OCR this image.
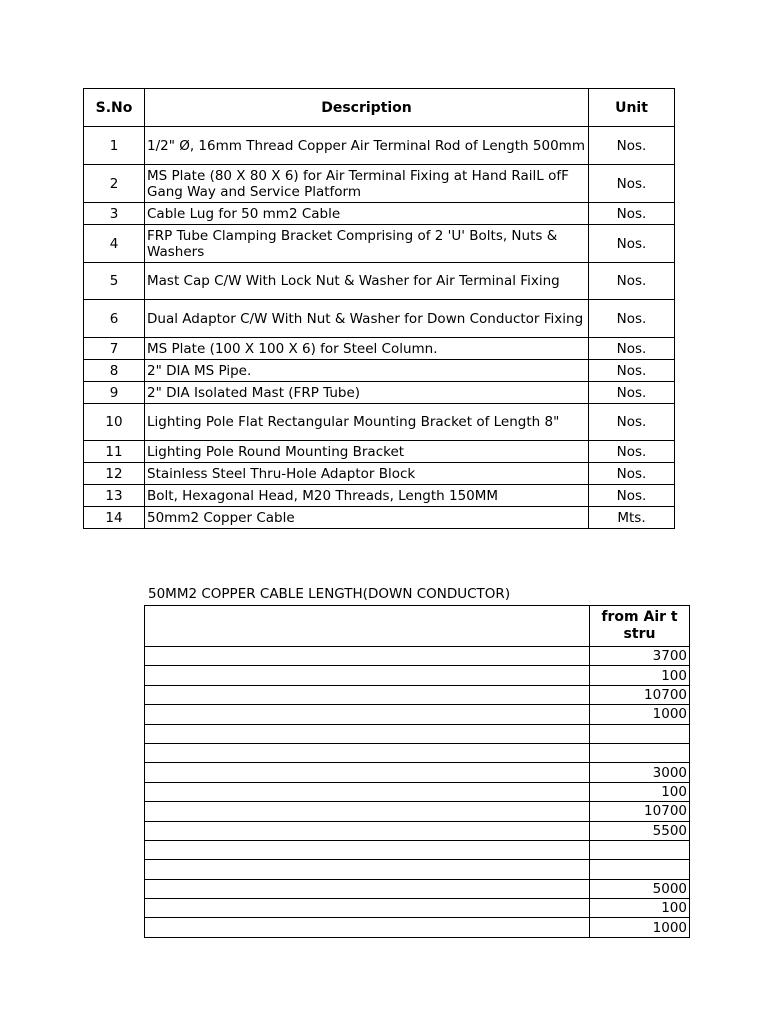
S.No	Description	Unit
1	1/2" Ø, 16mm Thread Copper Air Terminal Rod of Length 500mm	Nos.
2	MS Plate (80 X 80 X 6) for Air Terminal Fixing at Hand RailL ofF Gang Way and Service Platform	Nos.
3	Cable Lug for 50 mm2 Cable	Nos.
4	FRP Tube Clamping Bracket Comprising of 2 'U' Bolts, Nuts & Washers	Nos.
5	Mast Cap C/W With Lock Nut & Washer for Air Terminal Fixing	Nos.
6	Dual Adaptor C/W With Nut & Washer for Down Conductor Fixing	Nos.
7	MS Plate (100 X 100 X 6) for Steel Column.	Nos.
8	2" DIA MS Pipe.	Nos.
9	2" DIA Isolated Mast (FRP Tube)	Nos.
10	Lighting Pole Flat Rectangular Mounting Bracket of Length 8"	Nos.
11	Lighting Pole Round Mounting Bracket	Nos.
12	Stainless Steel Thru-Hole Adaptor Block	Nos.
13	Bolt, Hexagonal Head, M20 Threads, Length 150MM	Nos.
14	50mm2 Copper Cable	Mts.
50MM2 COPPER CABLE LENGTH(DOWN CONDUCTOR)

	from Air t
stru

	3700
	100
	10700
	1000

	3000
	100
	10700
	5500

	5000
	100
	1000
